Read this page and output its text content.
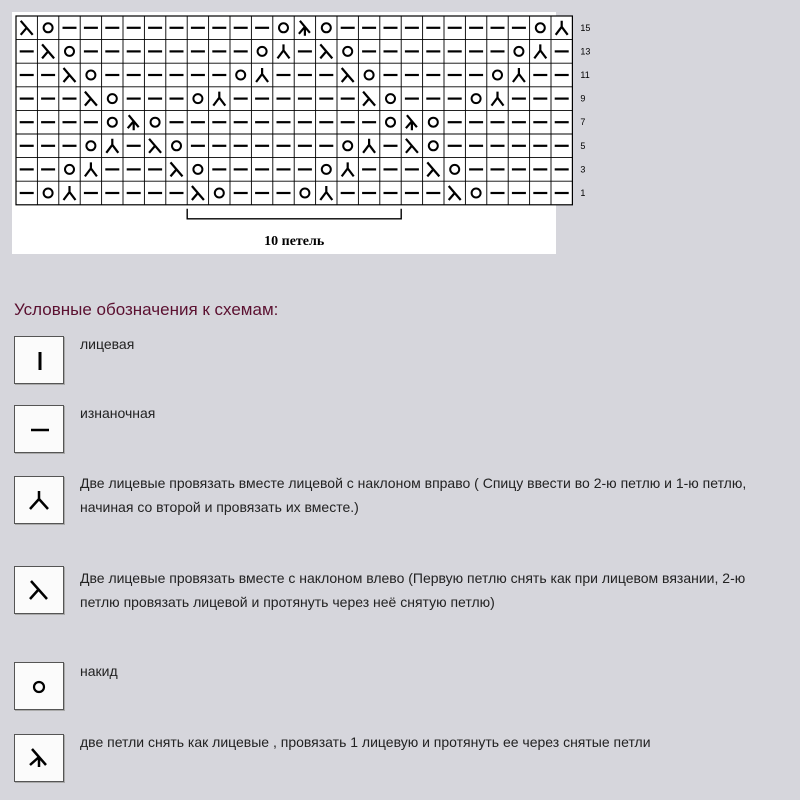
15
13
11
9
7
5
3
1
10 петель
Условные обозначения к схемам:
лицевая
изнаночная
Две лицевые провязать вместе лицевой с наклоном вправо ( Спицу ввести во 2-ю петлю и 1-ю петлю, начиная со второй и провязать их вместе.)
Две лицевые провязать вместе с наклоном влево (Первую петлю снять как при лицевом вязании, 2-ю петлю провязать лицевой и протянуть через неё снятую петлю)
накид
две петли снять как лицевые , провязать 1 лицевую и протянуть ее через снятые петли
